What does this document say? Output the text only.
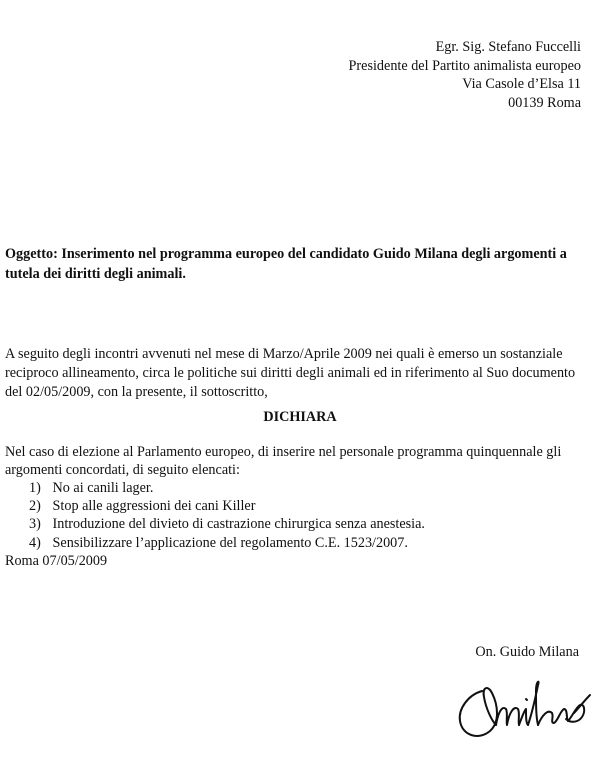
Egr. Sig. Stefano Fuccelli
Presidente del Partito animalista europeo
Via Casole d’Elsa 11
00139 Roma
Oggetto: Inserimento nel programma europeo del candidato Guido Milana degli argomenti a tutela dei diritti degli animali.
A seguito degli incontri avvenuti nel mese di Marzo/Aprile 2009 nei quali è emerso un sostanziale reciproco allineamento, circa le politiche sui diritti degli animali ed in riferimento al Suo documento del 02/05/2009, con la presente, il sottoscritto,
DICHIARA
Nel caso di elezione al Parlamento europeo, di inserire nel personale programma quinquennale gli argomenti concordati, di seguito elencati:
1) No ai canili lager.
2) Stop alle aggressioni dei cani Killer
3) Introduzione del divieto di castrazione chirurgica senza anestesia.
4) Sensibilizzare l’applicazione del regolamento C.E. 1523/2007.
Roma 07/05/2009
On. Guido Milana
